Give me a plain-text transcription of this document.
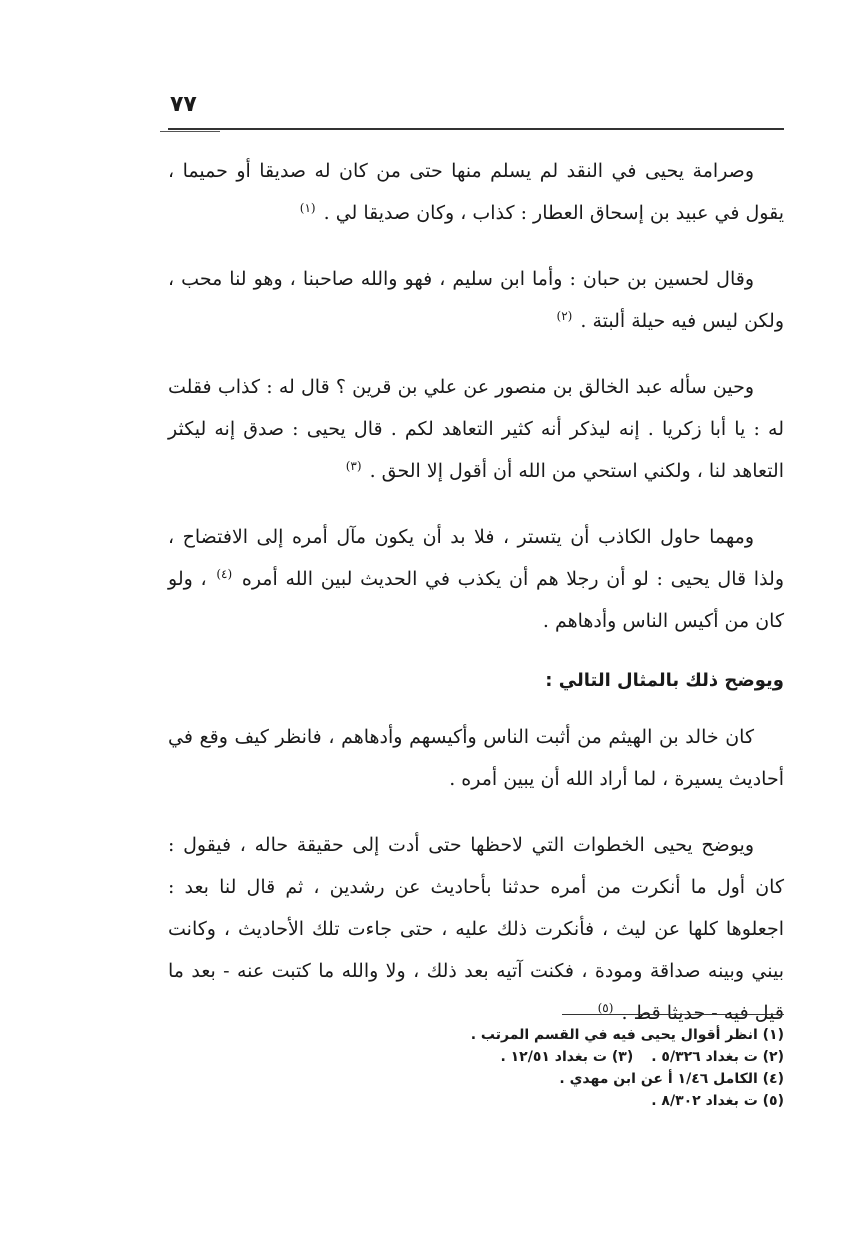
٧٧

وصرامة يحيى في النقد لم يسلم منها حتى من كان له صديقا أو حميما ، يقول في عبيد بن إسحاق العطار : كذاب ، وكان صديقا لي . $^{(١)}$

وقال لحسين بن حبان : وأما ابن سليم ، فهو والله صاحبنا ، وهو لنا محب ، ولكن ليس فيه حيلة ألبتة . $^{(٢)}$

وحين سأله عبد الخالق بن منصور عن علي بن قرين ؟ قال له : كذاب فقلت له : يا أبا زكريا . إنه ليذكر أنه كثير التعاهد لكم . قال يحيى : صدق إنه ليكثر التعاهد لنا ، ولكني استحي من الله أن أقول إلا الحق . $^{(٣)}$

ومهما حاول الكاذب أن يتستر ، فلا بد أن يكون مآل أمره إلى الافتضاح ، ولذا قال يحيى : لو أن رجلا هم أن يكذب في الحديث لبين الله أمره $^{(٤)}$ ، ولو كان من أكيس الناس وأدهاهم .

ويوضح ذلك بالمثال التالي :

كان خالد بن الهيثم من أثبت الناس وأكيسهم وأدهاهم ، فانظر كيف وقع في أحاديث يسيرة ، لما أراد الله أن يبين أمره .

ويوضح يحيى الخطوات التي لاحظها حتى أدت إلى حقيقة حاله ، فيقول : كان أول ما أنكرت من أمره حدثنا بأحاديث عن رشدين ، ثم قال لنا بعد : اجعلوها كلها عن ليث ، فأنكرت ذلك عليه ، حتى جاءت تلك الأحاديث ، وكانت بيني وبينه صداقة ومودة ، فكنت آتيه بعد ذلك ، ولا والله ما كتبت عنه - بعد ما قيل فيه - حديثا قط . $^{(٥)}$

(١) انظر أقوال يحيى فيه في القسم المرتب .

(٢) ت بغداد ٥/٣٢٦ .(٣) ت بغداد ١٢/٥١ .

(٤) الكامل ١/٤٦ أ عن ابن مهدي .

(٥) ت بغداد ٨/٣٠٢ .
